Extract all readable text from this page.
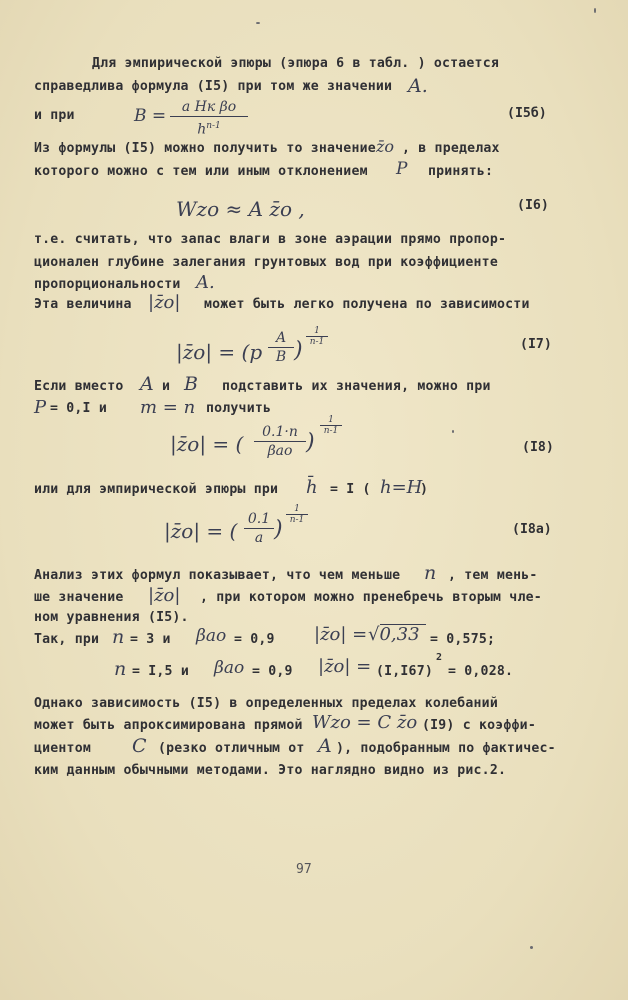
Для эмпирической эпюры (эпюра 6 в табл. ) остается
справедлива формула (I5) при том же значении A.
и при	B =	a Hк βо
$h^{n-1}$
(I5б)
Из формулы (I5) можно получить то значение z̄o , в пределах
которого можно с тем или иным отклонением P принять:
Wzo ≈ A z̄o ,	(I6)
т.е. считать, что запас влаги в зоне аэрации прямо пропор-
ционален глубине залегания грунтовых вод при коэффициенте
пропорциональности A.
Эта величина |z̄o| может быть легко получена по зависимости
|z̄o| = (p
A
B )
1
n-1	(I7)
Если вместо A и B подставить их значения, можно при
P = 0,I и m = n получить
|z̄o| = (	0.1·n
βao )
1
n-1
(I8)
или для эмпирической эпюры при h̄ = I ( h=H
)
|z̄o| = ( 0.1
a )
1
n-1
(I8а)
Анализ этих формул показывает, что чем меньше n , тем мень-
ше значение |z̄o| , при котором можно пренебречь вторым чле-
ном уравнения (I5).
Так, при n = 3 и βao = 0,9 |z̄o| = √0,33 = 0,575;
n = I,5 и βao = 0,9 |z̄o| = (I,I67)
2
= 0,028.
Однако зависимость (I5) в определенных пределах колебаний
может быть апроксимирована прямой Wzo = C z̄o (I9) с коэффи-
циентом C (резко отличным от A ), подобранным по фактичес-
ким данным обычными методами. Это наглядно видно из рис.2.
97
